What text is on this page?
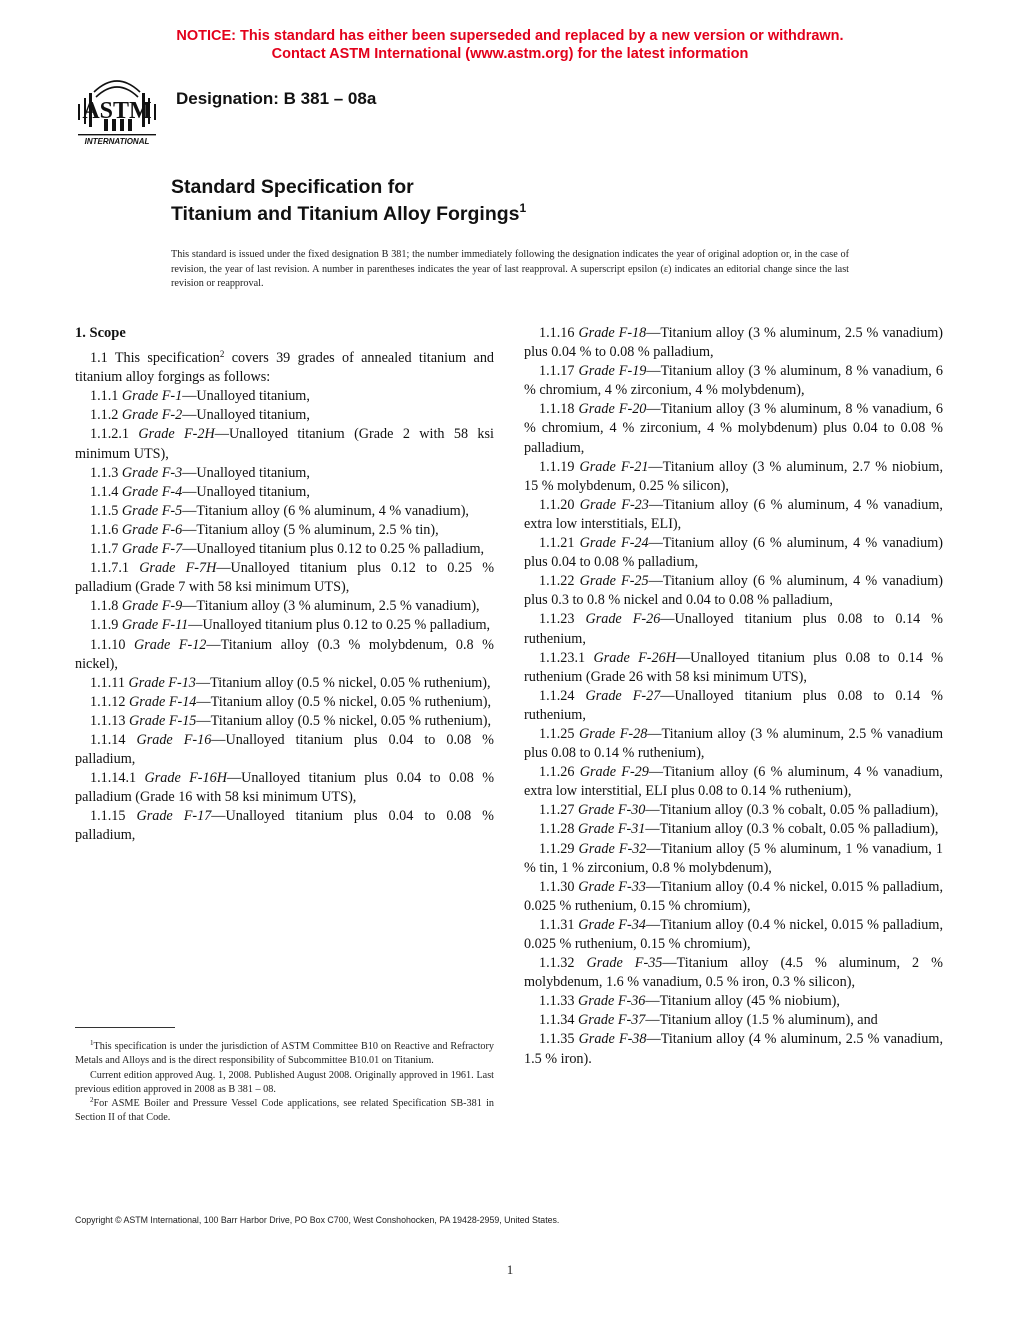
NOTICE: This standard has either been superseded and replaced by a new version or withdrawn.
Contact ASTM International (www.astm.org) for the latest information
ASTM
INTERNATIONAL
Designation: B 381 – 08a
Standard Specification for
Titanium and Titanium Alloy Forgings$^1$
This standard is issued under the fixed designation B 381; the number immediately following the designation indicates the year of original adoption or, in the case of revision, the year of last revision. A number in parentheses indicates the year of last reapproval. A superscript epsilon (ε) indicates an editorial change since the last revision or reapproval.

1. Scope

1.1 This specification$^2$ covers 39 grades of annealed titanium and titanium alloy forgings as follows:

1.1.1 Grade F-1—Unalloyed titanium,

1.1.2 Grade F-2—Unalloyed titanium,

1.1.2.1 Grade F-2H—Unalloyed titanium (Grade 2 with 58 ksi minimum UTS),

1.1.3 Grade F-3—Unalloyed titanium,

1.1.4 Grade F-4—Unalloyed titanium,

1.1.5 Grade F-5—Titanium alloy (6 % aluminum, 4 % vanadium),

1.1.6 Grade F-6—Titanium alloy (5 % aluminum, 2.5 % tin),

1.1.7 Grade F-7—Unalloyed titanium plus 0.12 to 0.25 % palladium,

1.1.7.1 Grade F-7H—Unalloyed titanium plus 0.12 to 0.25 % palladium (Grade 7 with 58 ksi minimum UTS),

1.1.8 Grade F-9—Titanium alloy (3 % aluminum, 2.5 % vanadium),

1.1.9 Grade F-11—Unalloyed titanium plus 0.12 to 0.25 % palladium,

1.1.10 Grade F-12—Titanium alloy (0.3 % molybdenum, 0.8 % nickel),

1.1.11 Grade F-13—Titanium alloy (0.5 % nickel, 0.05 % ruthenium),

1.1.12 Grade F-14—Titanium alloy (0.5 % nickel, 0.05 % ruthenium),

1.1.13 Grade F-15—Titanium alloy (0.5 % nickel, 0.05 % ruthenium),

1.1.14 Grade F-16—Unalloyed titanium plus 0.04 to 0.08 % palladium,

1.1.14.1 Grade F-16H—Unalloyed titanium plus 0.04 to 0.08 % palladium (Grade 16 with 58 ksi minimum UTS),

1.1.15 Grade F-17—Unalloyed titanium plus 0.04 to 0.08 % palladium,

1.1.16 Grade F-18—Titanium alloy (3 % aluminum, 2.5 % vanadium) plus 0.04 % to 0.08 % palladium,

1.1.17 Grade F-19—Titanium alloy (3 % aluminum, 8 % vanadium, 6 % chromium, 4 % zirconium, 4 % molybdenum),

1.1.18 Grade F-20—Titanium alloy (3 % aluminum, 8 % vanadium, 6 % chromium, 4 % zirconium, 4 % molybdenum) plus 0.04 to 0.08 % palladium,

1.1.19 Grade F-21—Titanium alloy (3 % aluminum, 2.7 % niobium, 15 % molybdenum, 0.25 % silicon),

1.1.20 Grade F-23—Titanium alloy (6 % aluminum, 4 % vanadium, extra low interstitials, ELI),

1.1.21 Grade F-24—Titanium alloy (6 % aluminum, 4 % vanadium) plus 0.04 to 0.08 % palladium,

1.1.22 Grade F-25—Titanium alloy (6 % aluminum, 4 % vanadium) plus 0.3 to 0.8 % nickel and 0.04 to 0.08 % palladium,

1.1.23 Grade F-26—Unalloyed titanium plus 0.08 to 0.14 % ruthenium,

1.1.23.1 Grade F-26H—Unalloyed titanium plus 0.08 to 0.14 % ruthenium (Grade 26 with 58 ksi minimum UTS),

1.1.24 Grade F-27—Unalloyed titanium plus 0.08 to 0.14 % ruthenium,

1.1.25 Grade F-28—Titanium alloy (3 % aluminum, 2.5 % vanadium plus 0.08 to 0.14 % ruthenium),

1.1.26 Grade F-29—Titanium alloy (6 % aluminum, 4 % vanadium, extra low interstitial, ELI plus 0.08 to 0.14 % ruthenium),

1.1.27 Grade F-30—Titanium alloy (0.3 % cobalt, 0.05 % palladium),

1.1.28 Grade F-31—Titanium alloy (0.3 % cobalt, 0.05 % palladium),

1.1.29 Grade F-32—Titanium alloy (5 % aluminum, 1 % vanadium, 1 % tin, 1 % zirconium, 0.8 % molybdenum),

1.1.30 Grade F-33—Titanium alloy (0.4 % nickel, 0.015 % palladium, 0.025 % ruthenium, 0.15 % chromium),

1.1.31 Grade F-34—Titanium alloy (0.4 % nickel, 0.015 % palladium, 0.025 % ruthenium, 0.15 % chromium),

1.1.32 Grade F-35—Titanium alloy (4.5 % aluminum, 2 % molybdenum, 1.6 % vanadium, 0.5 % iron, 0.3 % silicon),

1.1.33 Grade F-36—Titanium alloy (45 % niobium),

1.1.34 Grade F-37—Titanium alloy (1.5 % aluminum), and

1.1.35 Grade F-38—Titanium alloy (4 % aluminum, 2.5 % vanadium, 1.5 % iron).

$^1$This specification is under the jurisdiction of ASTM Committee B10 on Reactive and Refractory Metals and Alloys and is the direct responsibility of Subcommittee B10.01 on Titanium.

Current edition approved Aug. 1, 2008. Published August 2008. Originally approved in 1961. Last previous edition approved in 2008 as B 381 – 08.

$^2$For ASME Boiler and Pressure Vessel Code applications, see related Specification SB-381 in Section II of that Code.

Copyright © ASTM International, 100 Barr Harbor Drive, PO Box C700, West Conshohocken, PA 19428-2959, United States.
1
